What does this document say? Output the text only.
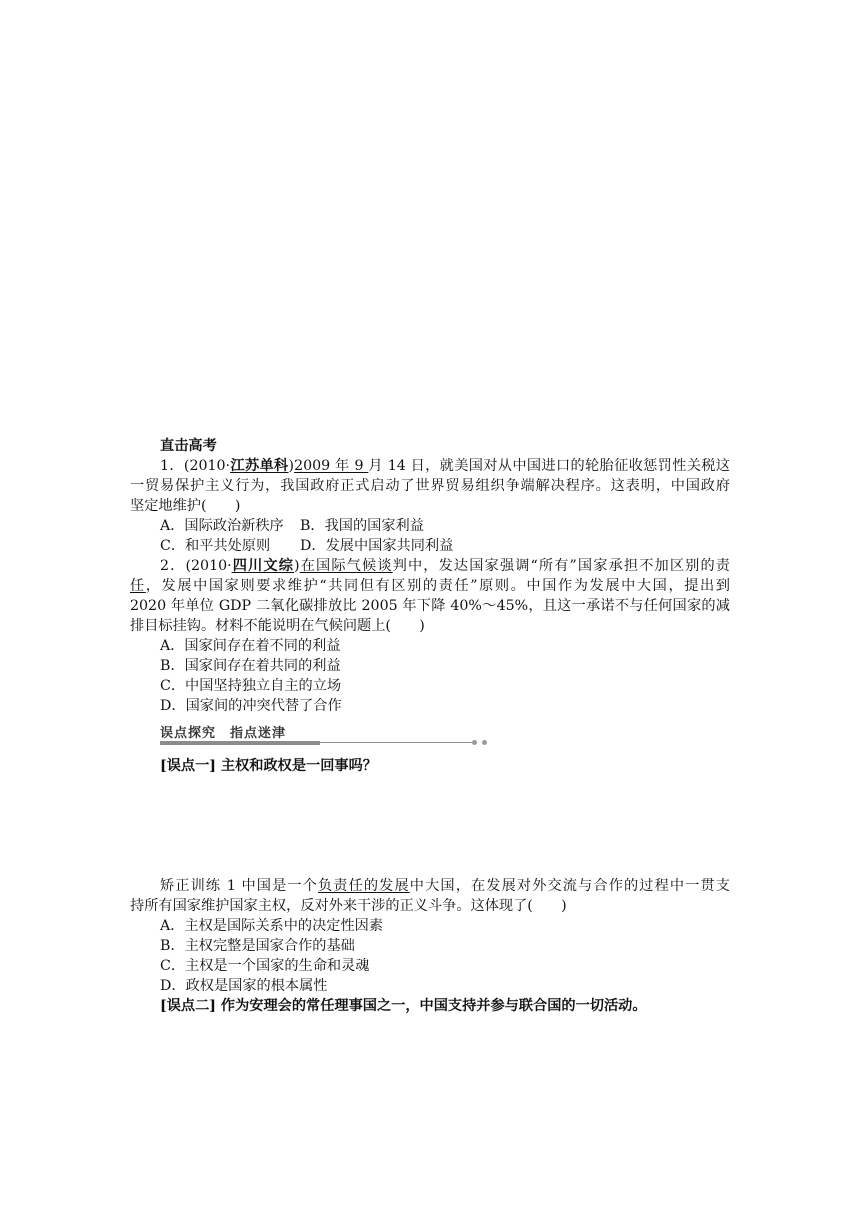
直击高考
1．(2010·江苏单科)2009 年 9 月 14 日，就美国对从中国进口的轮胎征收惩罚性关税这
一贸易保护主义行为，我国政府正式启动了世界贸易组织争端解决程序。这表明，中国政府
坚定地维护(　　)
A．国际政治新秩序 B．我国的国家利益
C．和平共处原则 D．发展中国家共同利益
2．(2010·四川文综)在国际气候谈判中，发达国家强调“所有”国家承担不加区别的责
任，发展中国家则要求维护“共同但有区别的责任”原则。中国作为发展中大国，提出到
2020 年单位 GDP 二氧化碳排放比 2005 年下降 40%～45%，且这一承诺不与任何国家的减
排目标挂钩。材料不能说明在气候问题上(　　)
A．国家间存在着不同的利益
B．国家间存在着共同的利益
C．中国坚持独立自主的立场
D．国家间的冲突代替了合作
误点探究　指点迷津
[误点一] 主权和政权是一回事吗？
矫正训练 1 中国是一个负责任的发展中大国，在发展对外交流与合作的过程中一贯支
持所有国家维护国家主权，反对外来干涉的正义斗争。这体现了(　　)
A．主权是国际关系中的决定性因素
B．主权完整是国家合作的基础
C．主权是一个国家的生命和灵魂
D．政权是国家的根本属性
[误点二] 作为安理会的常任理事国之一，中国支持并参与联合国的一切活动。
